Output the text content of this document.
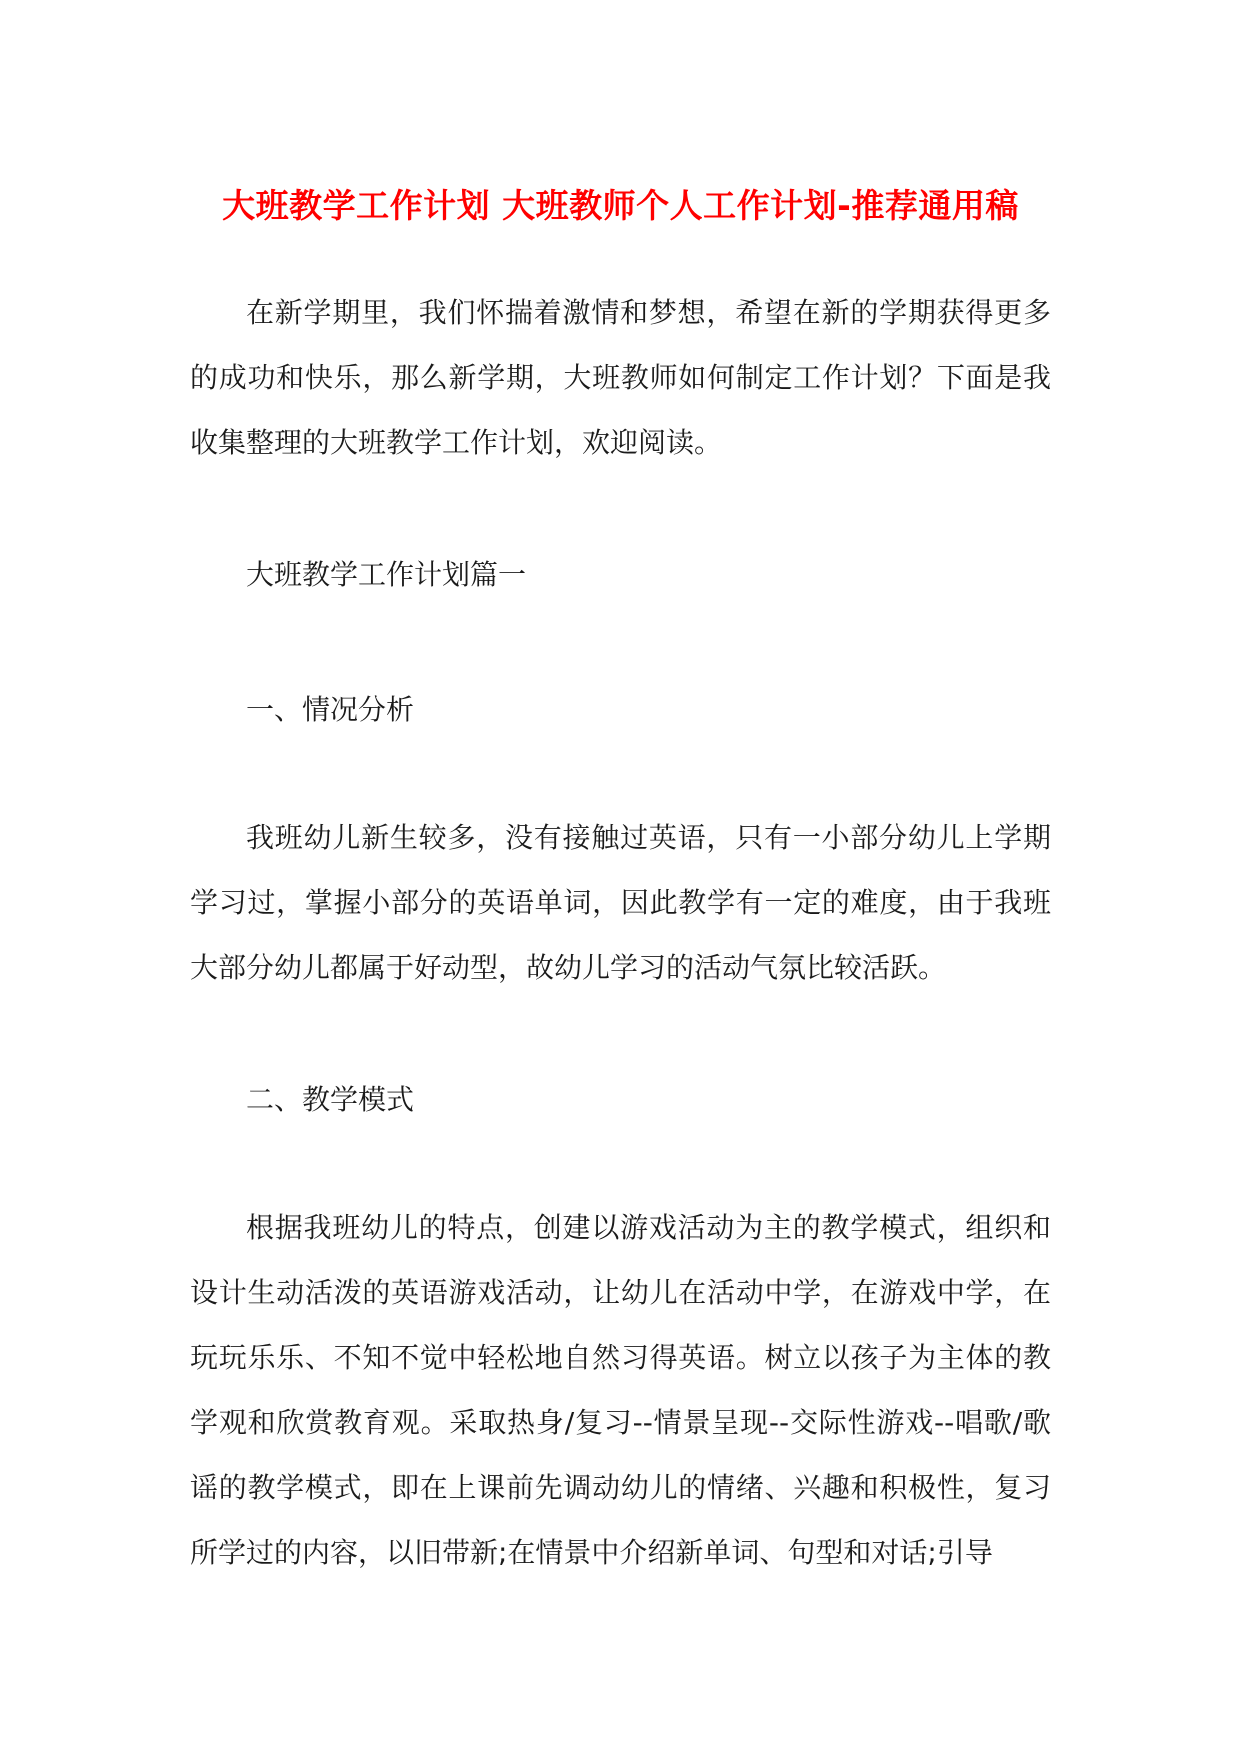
大班教学工作计划 大班教师个人工作计划-推荐通用稿

在新学期里，我们怀揣着激情和梦想，希望在新的学期获得更多的成功和快乐，那么新学期，大班教师如何制定工作计划？下面是我收集整理的大班教学工作计划，欢迎阅读。

大班教学工作计划篇一

一、情况分析

我班幼儿新生较多，没有接触过英语，只有一小部分幼儿上学期学习过，掌握小部分的英语单词，因此教学有一定的难度，由于我班大部分幼儿都属于好动型，故幼儿学习的活动气氛比较活跃。

二、教学模式

根据我班幼儿的特点，创建以游戏活动为主的教学模式，组织和设计生动活泼的英语游戏活动，让幼儿在活动中学，在游戏中学，在玩玩乐乐、不知不觉中轻松地自然习得英语。树立以孩子为主体的教学观和欣赏教育观。采取热身/复习--情景呈现--交际性游戏--唱歌/歌谣的教学模式，即在上课前先调动幼儿的情绪、兴趣和积极性，复习所学过的内容，以旧带新;在情景中介绍新单词、句型和对话;引导
